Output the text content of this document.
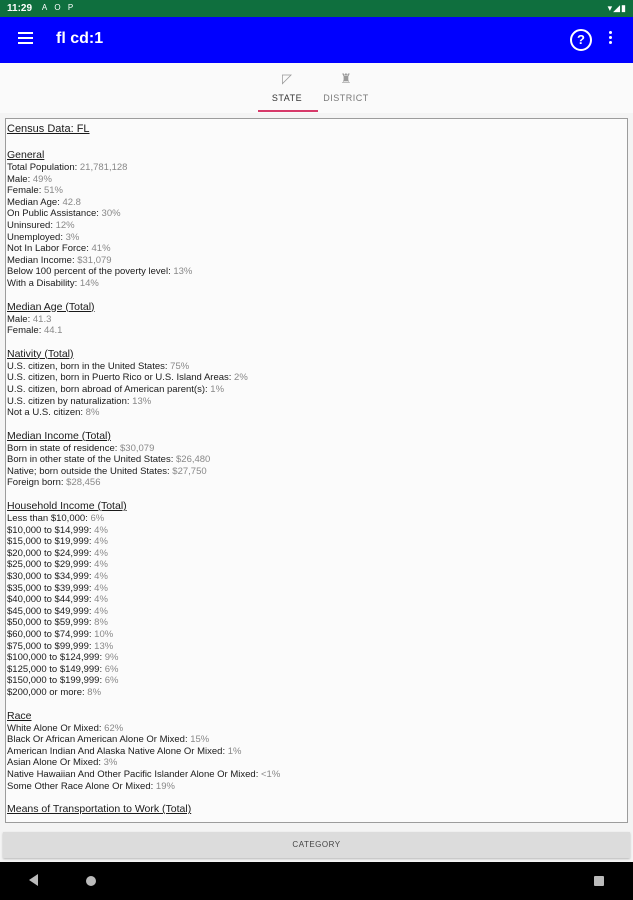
11:29 A O P	▾◢▮
fl cd:1	?
◸
STATE
♜
DISTRICT
Census Data: FL
General
Total Population: 21,781,128
Male: 49%
Female: 51%
Median Age: 42.8
On Public Assistance: 30%
Uninsured: 12%
Unemployed: 3%
Not In Labor Force: 41%
Median Income: $31,079
Below 100 percent of the poverty level: 13%
With a Disability: 14%
Median Age (Total)
Male: 41.3
Female: 44.1
Nativity (Total)
U.S. citizen, born in the United States: 75%
U.S. citizen, born in Puerto Rico or U.S. Island Areas: 2%
U.S. citizen, born abroad of American parent(s): 1%
U.S. citizen by naturalization: 13%
Not a U.S. citizen: 8%
Median Income (Total)
Born in state of residence: $30,079
Born in other state of the United States: $26,480
Native; born outside the United States: $27,750
Foreign born: $28,456
Household Income (Total)
Less than $10,000: 6%
$10,000 to $14,999: 4%
$15,000 to $19,999: 4%
$20,000 to $24,999: 4%
$25,000 to $29,999: 4%
$30,000 to $34,999: 4%
$35,000 to $39,999: 4%
$40,000 to $44,999: 4%
$45,000 to $49,999: 4%
$50,000 to $59,999: 8%
$60,000 to $74,999: 10%
$75,000 to $99,999: 13%
$100,000 to $124,999: 9%
$125,000 to $149,999: 6%
$150,000 to $199,999: 6%
$200,000 or more: 8%
Race
White Alone Or Mixed: 62%
Black Or African American Alone Or Mixed: 15%
American Indian And Alaska Native Alone Or Mixed: 1%
Asian Alone Or Mixed: 3%
Native Hawaiian And Other Pacific Islander Alone Or Mixed: <1%
Some Other Race Alone Or Mixed: 19%
Means of Transportation to Work (Total)
CATEGORY
